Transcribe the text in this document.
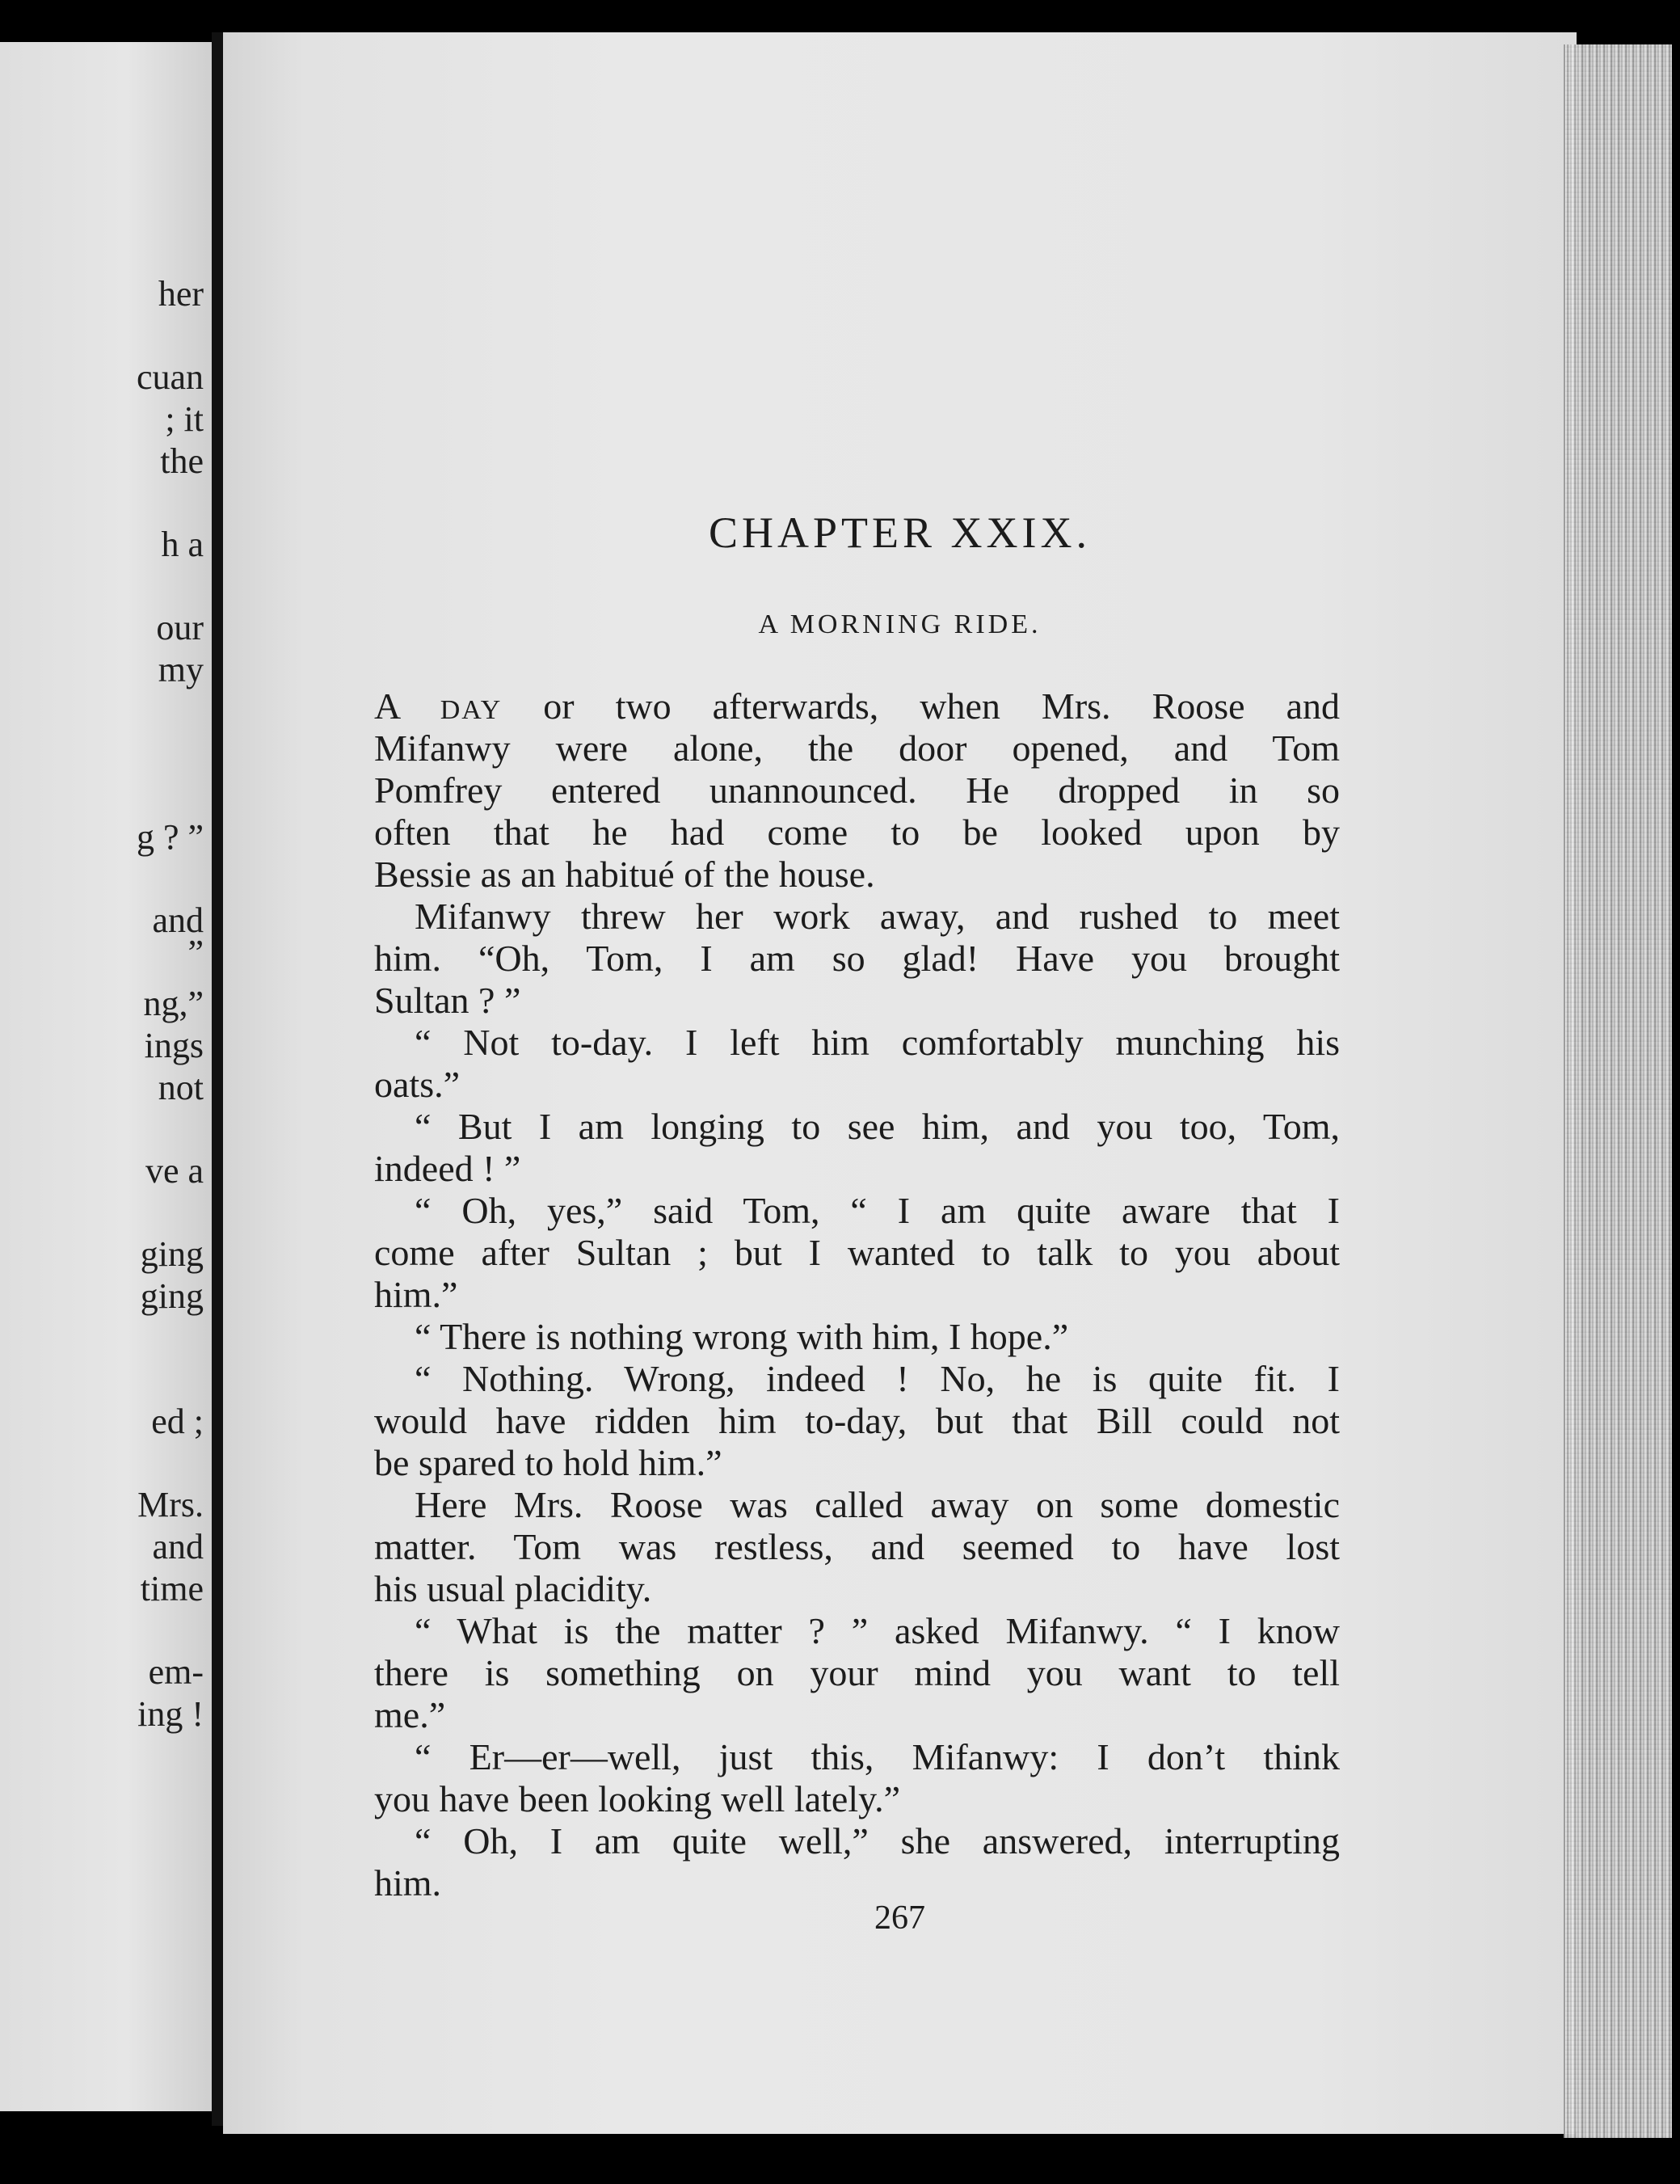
her
cuan
; it
the
h a
our
my
g ? ”
and
”
ng,”
ings
not
ve a
ging
ging
ed ;
Mrs.
and
time
em-
ing !
CHAPTER XXIX.
A MORNING RIDE.
A DAY or two afterwards, when Mrs. Roose and
Mifanwy were alone, the door opened, and Tom
Pomfrey entered unannounced. He dropped in so
often that he had come to be looked upon by
Bessie as an habitué of the house.
Mifanwy threw her work away, and rushed to meet
him. “Oh, Tom, I am so glad! Have you brought
Sultan ? ”
“ Not to-day. I left him comfortably munching his
oats.”
“ But I am longing to see him, and you too, Tom,
indeed ! ”
“ Oh, yes,” said Tom, “ I am quite aware that I
come after Sultan ; but I wanted to talk to you about
him.”
“ There is nothing wrong with him, I hope.”
“ Nothing. Wrong, indeed ! No, he is quite fit. I
would have ridden him to-day, but that Bill could not
be spared to hold him.”
Here Mrs. Roose was called away on some domestic
matter. Tom was restless, and seemed to have lost
his usual placidity.
“ What is the matter ? ” asked Mifanwy. “ I know
there is something on your mind you want to tell
me.”
“ Er—er—well, just this, Mifanwy: I don’t think
you have been looking well lately.”
“ Oh, I am quite well,” she answered, interrupting
him.
267
